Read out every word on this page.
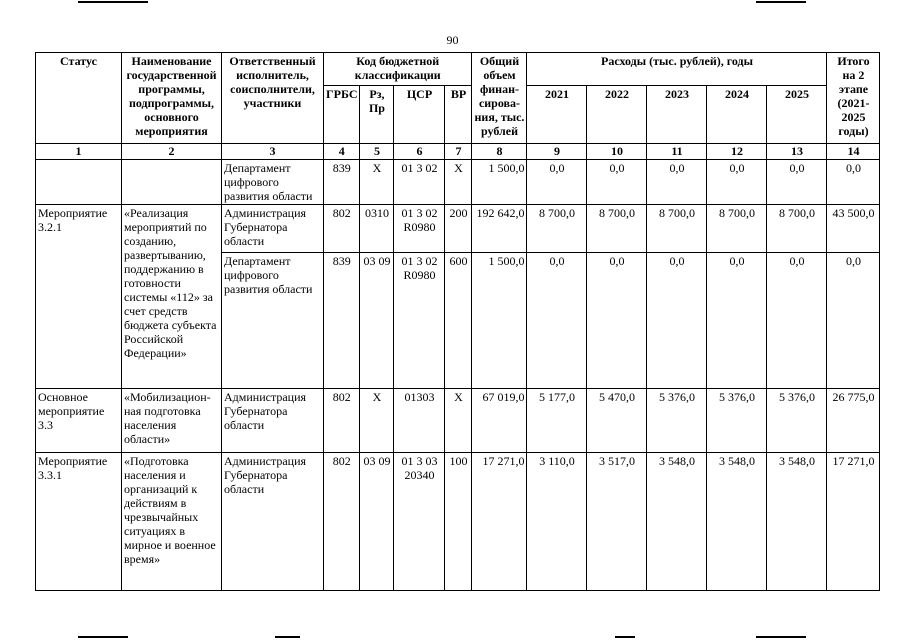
90
Статус	Наименование государственной программы, подпрограммы, основного мероприятия	Ответственный исполнитель, соисполнители, участники	Код бюджетной классификации				Общий объем финан-сирова-ния, тыс. рублей	Расходы (тыс. рублей), годы					Итого на 2 этапе (2021-2025 годы)
			ГРБС	Рз, Пр	ЦСР	ВР		2021	2022	2023	2024	2025	
1	2	3	4	5	6	7	8	9	10	11	12	13	14
		Департамент цифрового развития области	839	X	01 3 02	X	1 500,0	0,0	0,0	0,0	0,0	0,0	0,0
Мероприятие 3.2.1	«Реализация мероприятий по созданию, развертыванию, поддержанию в готовности системы «112» за счет средств бюджета субъекта Российской Федерации»	Администрация Губернатора области	802	0310	01 3 02 R0980	200	192 642,0	8 700,0	8 700,0	8 700,0	8 700,0	8 700,0	43 500,0
		Департамент цифрового развития области	839	03 09	01 3 02 R0980	600	1 500,0	0,0	0,0	0,0	0,0	0,0	0,0
Основное мероприятие 3.3	«Мобилизацион-ная подготовка населения области»	Администрация Губернатора области	802	X	01303	X	67 019,0	5 177,0	5 470,0	5 376,0	5 376,0	5 376,0	26 775,0
Мероприятие 3.3.1	«Подготовка населения и организаций к действиям в чрезвычайных ситуациях в мирное и военное время»	Администрация Губернатора области	802	03 09	01 3 03 20340	100	17 271,0	3 110,0	3 517,0	3 548,0	3 548,0	3 548,0	17 271,0
